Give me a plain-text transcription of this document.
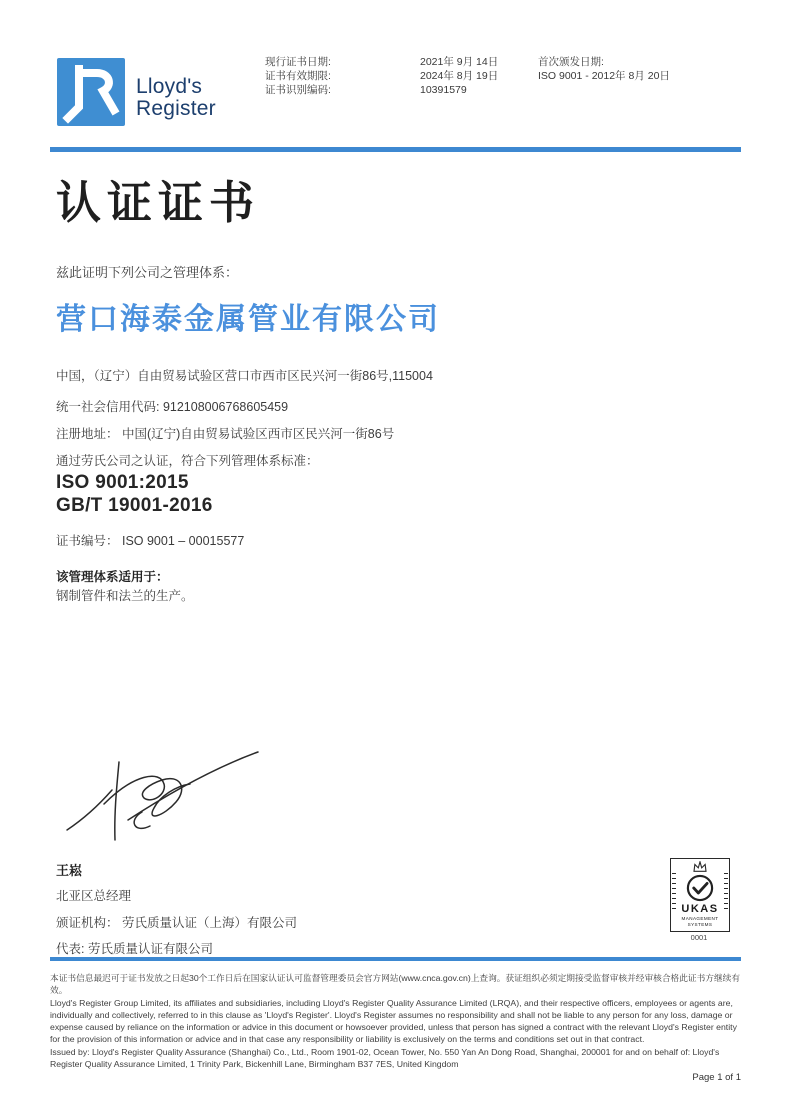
Lloyd's
Register
现行证书日期:
证书有效期限:
证书识别编码:
2021年 9月 14日
2024年 8月 19日
10391579
首次颁发日期:
ISO 9001 - 2012年 8月 20日
认证证书
兹此证明下列公司之管理体系：
营口海泰金属管业有限公司
中国，（辽宁）自由贸易试验区营口市西市区民兴河一街86号,115004
统一社会信用代码: 912108006768605459
注册地址： 中国(辽宁)自由贸易试验区西市区民兴河一街86号
通过劳氏公司之认证，符合下列管理体系标准：
ISO 9001:2015
GB/T 19001-2016
证书编号： ISO 9001 – 00015577
该管理体系适用于：
钢制管件和法兰的生产。
王崧
北亚区总经理
颁证机构： 劳氏质量认证（上海）有限公司
代表: 劳氏质量认证有限公司
UKAS
MANAGEMENT
SYSTEMS
0001

本证书信息最迟可于证书发放之日起30个工作日后在国家认证认可监督管理委员会官方网站(www.cnca.gov.cn)上查询。获证组织必须定期接受监督审核并经审核合格此证书方继续有效。

Lloyd's Register Group Limited, its affiliates and subsidiaries, including Lloyd's Register Quality Assurance Limited (LRQA), and their respective officers, employees or agents are, individually and collectively, referred to in this clause as 'Lloyd's Register'. Lloyd's Register assumes no responsibility and shall not be liable to any person for any loss, damage or expense caused by reliance on the information or advice in this document or howsoever provided, unless that person has signed a contract with the relevant Lloyd's Register entity for the provision of this information or advice and in that case any responsibility or liability is exclusively on the terms and conditions set out in that contract.

Issued by: Lloyd's Register Quality Assurance (Shanghai) Co., Ltd., Room 1901-02, Ocean Tower, No. 550 Yan An Dong Road, Shanghai, 200001 for and on behalf of: Lloyd's Register Quality Assurance Limited, 1 Trinity Park, Bickenhill Lane, Birmingham B37 7ES, United Kingdom

Page 1 of 1
